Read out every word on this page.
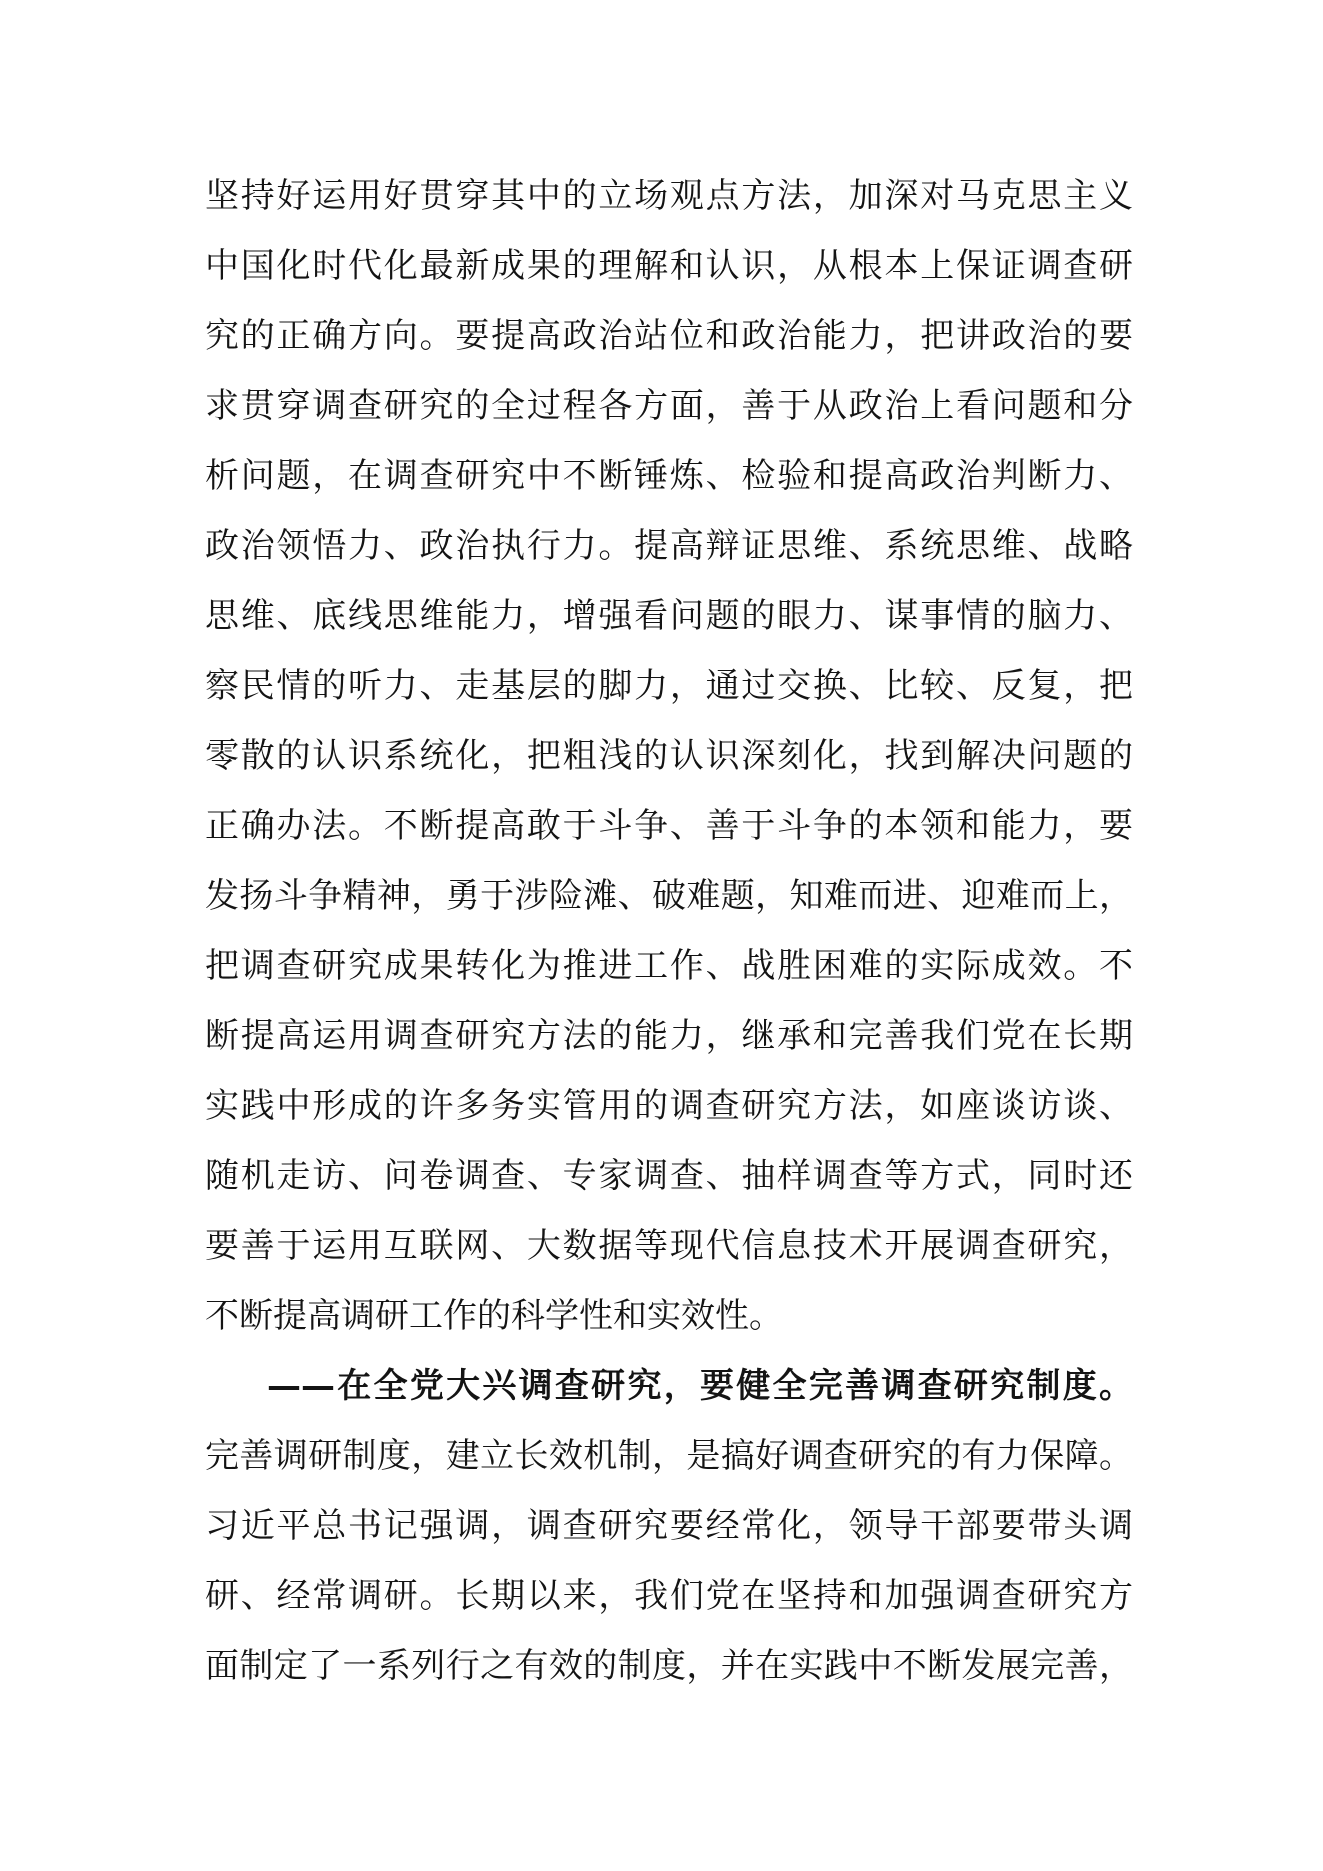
坚持好运用好贯穿其中的立场观点方法，加深对马克思主义
中国化时代化最新成果的理解和认识，从根本上保证调查研
究的正确方向。要提高政治站位和政治能力，把讲政治的要
求贯穿调查研究的全过程各方面，善于从政治上看问题和分
析问题，在调查研究中不断锤炼、检验和提高政治判断力、
政治领悟力、政治执行力。提高辩证思维、系统思维、战略
思维、底线思维能力，增强看问题的眼力、谋事情的脑力、
察民情的听力、走基层的脚力，通过交换、比较、反复，把
零散的认识系统化，把粗浅的认识深刻化，找到解决问题的
正确办法。不断提高敢于斗争、善于斗争的本领和能力，要
发扬斗争精神，勇于涉险滩、破难题，知难而进、迎难而上，
把调查研究成果转化为推进工作、战胜困难的实际成效。不
断提高运用调查研究方法的能力，继承和完善我们党在长期
实践中形成的许多务实管用的调查研究方法，如座谈访谈、
随机走访、问卷调查、专家调查、抽样调查等方式，同时还
要善于运用互联网、大数据等现代信息技术开展调查研究，
不断提高调研工作的科学性和实效性。
——在全党大兴调查研究，要健全完善调查研究制度。
完善调研制度，建立长效机制，是搞好调查研究的有力保障。
习近平总书记强调，调查研究要经常化，领导干部要带头调
研、经常调研。长期以来，我们党在坚持和加强调查研究方
面制定了一系列行之有效的制度，并在实践中不断发展完善，
